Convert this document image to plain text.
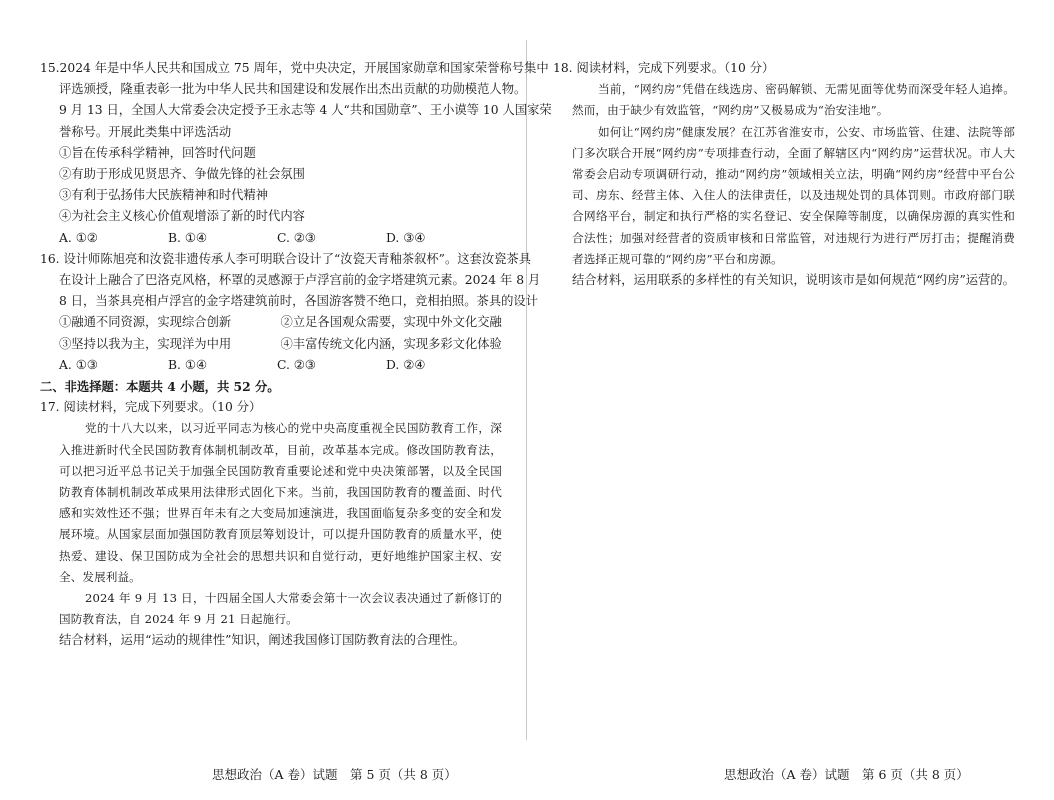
15.2024 年是中华人民共和国成立 75 周年，党中央决定，开展国家勋章和国家荣誉称号集中
评选颁授，隆重表彰一批为中华人民共和国建设和发展作出杰出贡献的功勋模范人物。
9 月 13 日，全国人大常委会决定授予王永志等 4 人“共和国勋章”、王小谟等 10 人国家荣
誉称号。开展此类集中评选活动
①旨在传承科学精神，回答时代问题
②有助于形成见贤思齐、争做先锋的社会氛围
③有利于弘扬伟大民族精神和时代精神
④为社会主义核心价值观增添了新的时代内容
A. ①②	B. ①④	C. ②③	D. ③④
16. 设计师陈旭亮和汝瓷非遗传承人李可明联合设计了“汝瓷天青釉茶叙杯”。这套汝瓷茶具
在设计上融合了巴洛克风格，杯罩的灵感源于卢浮宫前的金字塔建筑元素。2024 年 8 月
8 日，当茶具亮相卢浮宫的金字塔建筑前时，各国游客赞不绝口，竞相拍照。茶具的设计
①融通不同资源，实现综合创新	②立足各国观众需要，实现中外文化交融
③坚持以我为主，实现洋为中用	④丰富传统文化内涵，实现多彩文化体验
A. ①③	B. ①④	C. ②③	D. ②④
二、非选择题：本题共 4 小题，共 52 分。
17. 阅读材料，完成下列要求。（10 分）
党的十八大以来，以习近平同志为核心的党中央高度重视全民国防教育工作，深入推进新时代全民国防教育体制机制改革，目前，改革基本完成。修改国防教育法，可以把习近平总书记关于加强全民国防教育重要论述和党中央决策部署，以及全民国防教育体制机制改革成果用法律形式固化下来。当前，我国国防教育的覆盖面、时代感和实效性还不强；世界百年未有之大变局加速演进，我国面临复杂多变的安全和发展环境。从国家层面加强国防教育顶层筹划设计，可以提升国防教育的质量水平，使热爱、建设、保卫国防成为全社会的思想共识和自觉行动，更好地维护国家主权、安全、发展利益。
2024 年 9 月 13 日，十四届全国人大常委会第十一次会议表决通过了新修订的国防教育法，自 2024 年 9 月 21 日起施行。
结合材料，运用“运动的规律性”知识，阐述我国修订国防教育法的合理性。
18. 阅读材料，完成下列要求。（10 分）
当前，“网约房”凭借在线选房、密码解锁、无需见面等优势而深受年轻人追捧。然而，由于缺少有效监管，“网约房”又极易成为“治安洼地”。
如何让“网约房”健康发展？在江苏省淮安市，公安、市场监管、住建、法院等部门多次联合开展“网约房”专项排查行动，全面了解辖区内“网约房”运营状况。市人大常委会启动专项调研行动，推动“网约房”领域相关立法，明确“网约房”经营中平台公司、房东、经营主体、入住人的法律责任，以及违规处罚的具体罚则。市政府部门联合网络平台，制定和执行严格的实名登记、安全保障等制度，以确保房源的真实性和合法性；加强对经营者的资质审核和日常监管，对违规行为进行严厉打击；提醒消费者选择正规可靠的“网约房”平台和房源。
结合材料，运用联系的多样性的有关知识，说明该市是如何规范“网约房”运营的。
思想政治（A 卷）试题　第 5 页（共 8 页）	思想政治（A 卷）试题　第 6 页（共 8 页）
